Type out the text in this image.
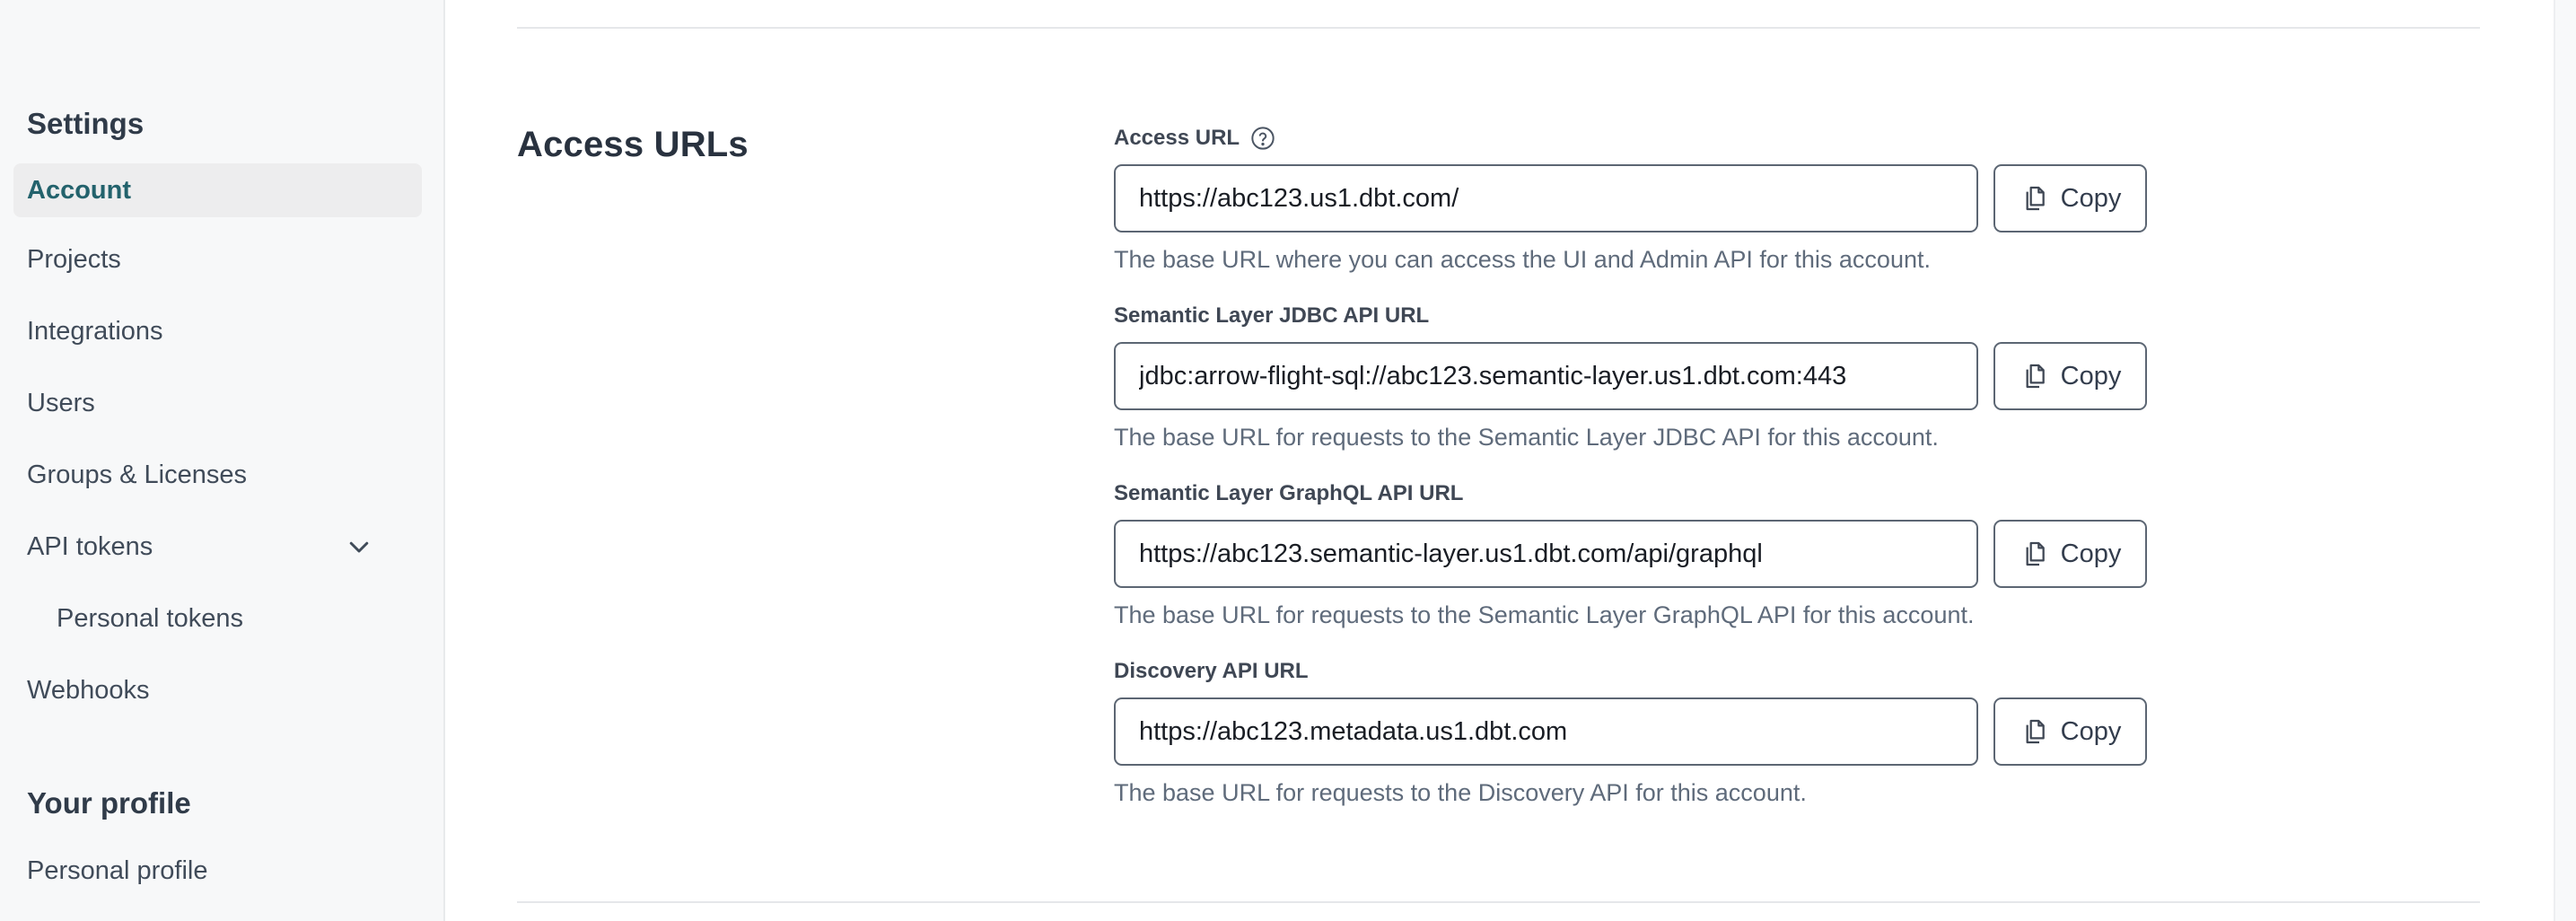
Settings
Account
Projects
Integrations
Users
Groups & Licenses
API tokens
Personal tokens
Webhooks
Your profile
Personal profile
Access URLs	Access URL
https://abc123.us1.dbt.com/
Copy
The base URL where you can access the UI and Admin API for this account.
Semantic Layer JDBC API URL
jdbc:arrow-flight-sql://abc123.semantic-layer.us1.dbt.com:443
Copy
The base URL for requests to the Semantic Layer JDBC API for this account.
Semantic Layer GraphQL API URL
https://abc123.semantic-layer.us1.dbt.com/api/graphql
Copy
The base URL for requests to the Semantic Layer GraphQL API for this account.
Discovery API URL
https://abc123.metadata.us1.dbt.com
Copy
The base URL for requests to the Discovery API for this account.
